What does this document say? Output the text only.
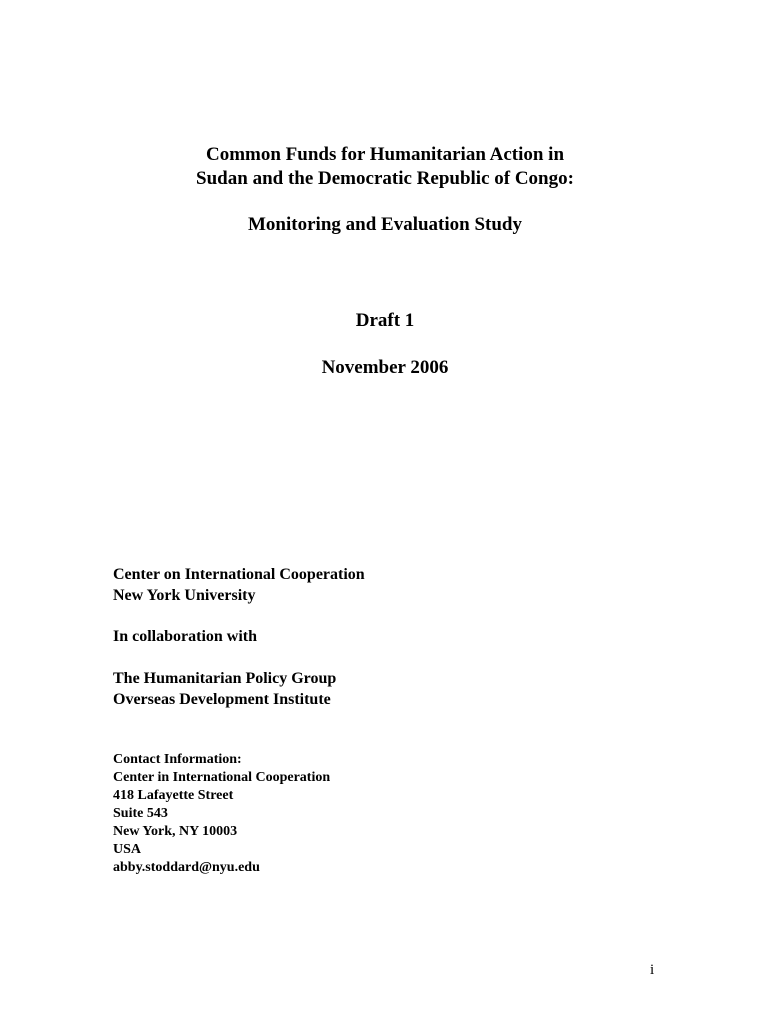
Common Funds for Humanitarian Action in
Sudan and the Democratic Republic of Congo:
Monitoring and Evaluation Study
Draft 1
November 2006
Center on International Cooperation
New York University
In collaboration with
The Humanitarian Policy Group
Overseas Development Institute
Contact Information:
Center in International Cooperation
418 Lafayette Street
Suite 543
New York, NY 10003
USA
abby.stoddard@nyu.edu
i
